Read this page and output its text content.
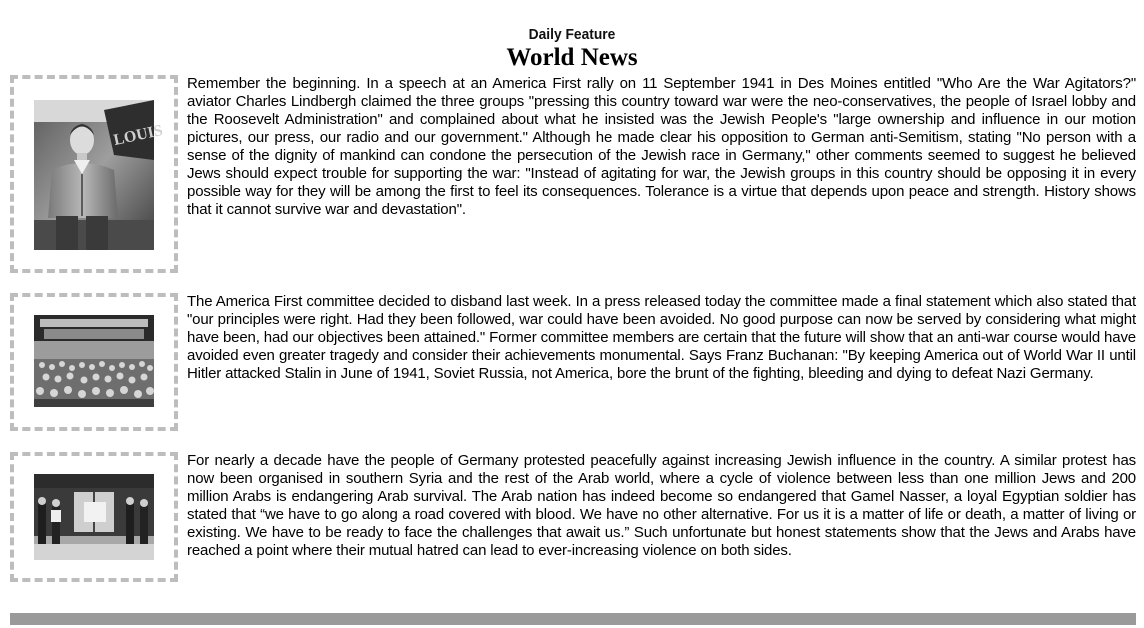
Daily Feature
World News
LOUIS

Remember the beginning. In a speech at an America First rally on 11 September 1941 in Des Moines entitled "Who Are the War Agitators?" aviator Charles Lindbergh claimed the three groups "pressing this country toward war were the neo-conservatives, the people of Israel lobby and the Roosevelt Administration" and complained about what he insisted was the Jewish People's "large ownership and influence in our motion pictures, our press, our radio and our government." Although he made clear his opposition to German anti-Semitism, stating "No person with a sense of the dignity of mankind can condone the persecution of the Jewish race in Germany," other comments seemed to suggest he believed Jews should expect trouble for supporting the war: "Instead of agitating for war, the Jewish groups in this country should be opposing it in every possible way for they will be among the first to feel its consequences. Tolerance is a virtue that depends upon peace and strength. History shows that it cannot survive war and devastation".

The America First committee decided to disband last week. In a press released today the committee made a final statement which also stated that "our principles were right. Had they been followed, war could have been avoided. No good purpose can now be served by considering what might have been, had our objectives been attained." Former committee members are certain that the future will show that an anti-war course would have avoided even greater tragedy and consider their achievements monumental. Says Franz Buchanan: "By keeping America out of World War II until Hitler attacked Stalin in June of 1941, Soviet Russia, not America, bore the brunt of the fighting, bleeding and dying to defeat Nazi Germany.

For nearly a decade have the people of Germany protested peacefully against increasing Jewish influence in the country. A similar protest has now been organised in southern Syria and the rest of the Arab world, where a cycle of violence between less than one million Jews and 200 million Arabs is endangering Arab survival. The Arab nation has indeed become so endangered that Gamel Nasser, a loyal Egyptian soldier has stated that “we have to go along a road covered with blood. We have no other alternative. For us it is a matter of life or death, a matter of living or existing. We have to be ready to face the challenges that await us.” Such unfortunate but honest statements show that the Jews and Arabs have reached a point where their mutual hatred can lead to ever-increasing violence on both sides.
